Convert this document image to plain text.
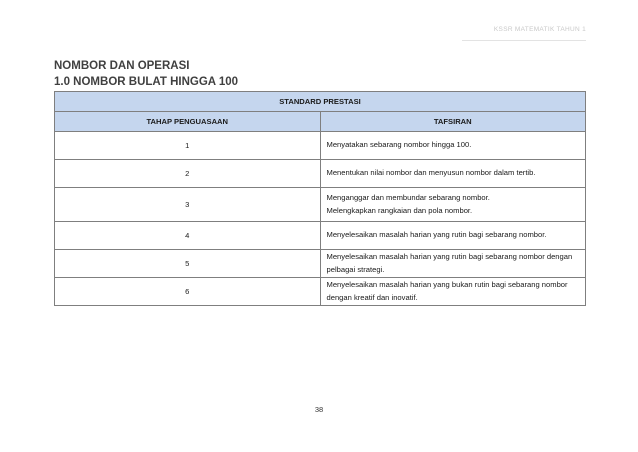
KSSR MATEMATIK TAHUN 1
NOMBOR DAN OPERASI
1.0 NOMBOR BULAT HINGGA 100
STANDARD PRESTASI	
TAHAP PENGUASAAN	TAFSIRAN
1	Menyatakan sebarang nombor hingga 100.

2	Menentukan nilai nombor dan menyusun nombor dalam tertib.

3	Menganggar dan membundar sebarang nombor.
Melengkapkan rangkaian dan pola nombor.

4	Menyelesaikan masalah harian yang rutin bagi sebarang nombor.

5	Menyelesaikan masalah harian yang rutin bagi sebarang nombor dengan pelbagai strategi.

6	Menyelesaikan masalah harian yang bukan rutin bagi sebarang nombor dengan kreatif dan inovatif.
38
